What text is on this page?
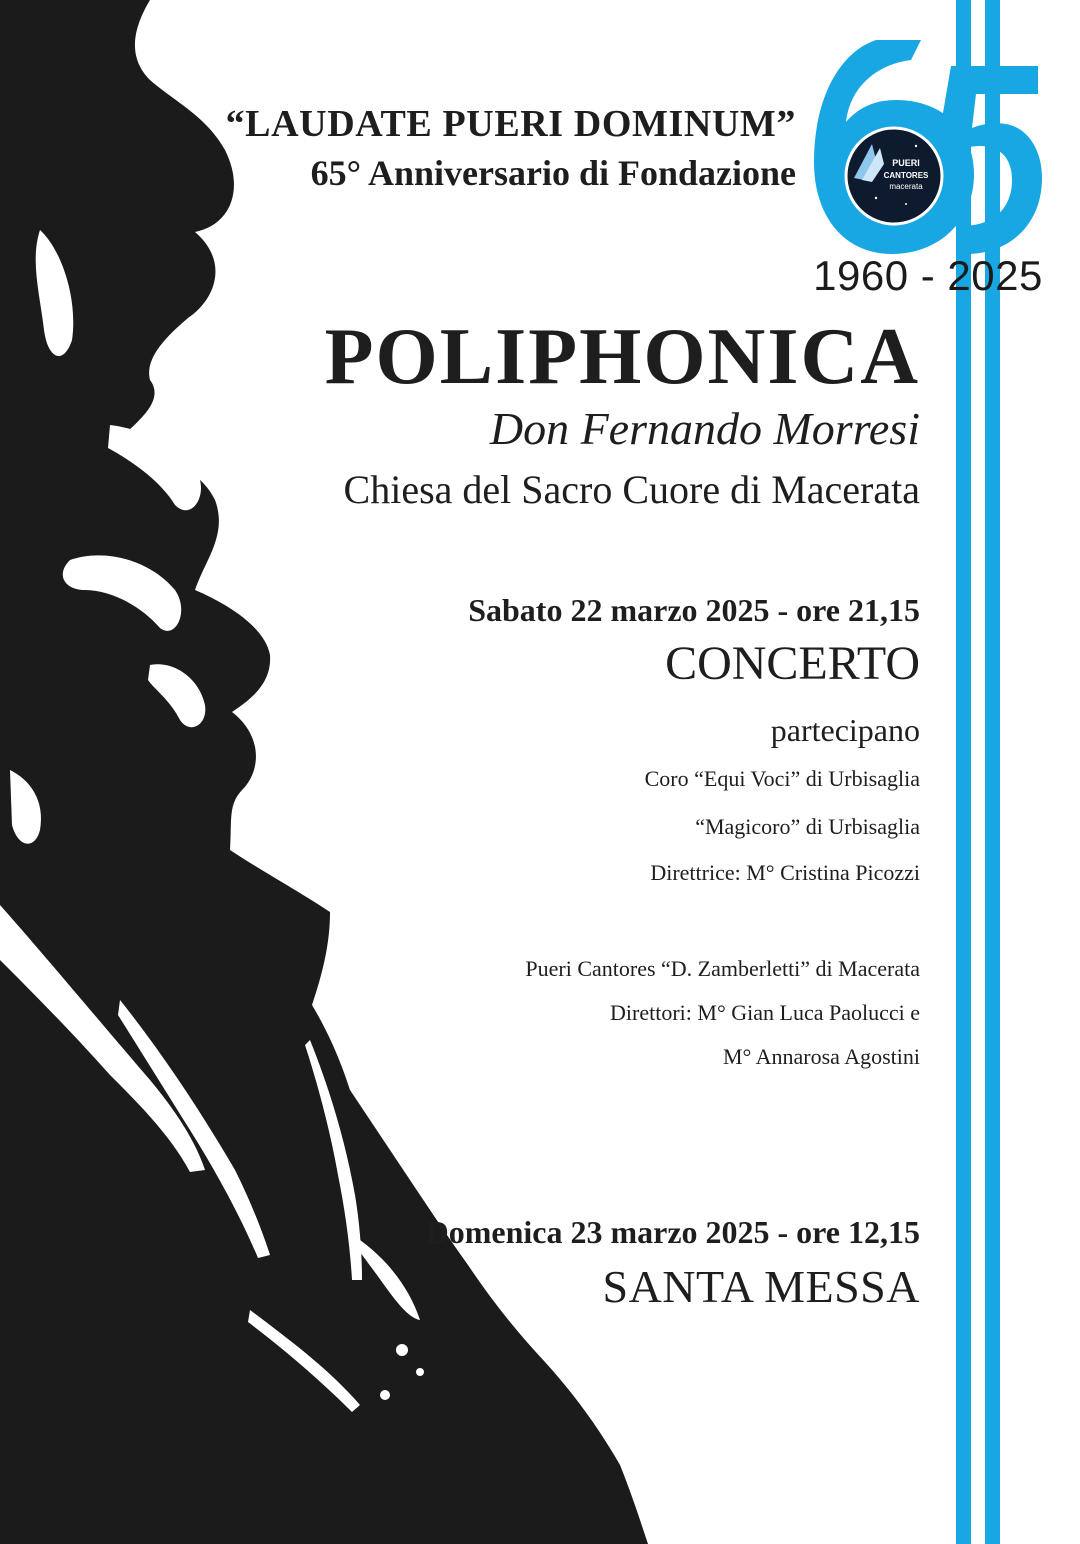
“LAUDATE PUERI DOMINUM”
65° Anniversario di Fondazione	PUERI
CANTORES
macerata
1960 - 2025
POLIPHONICA
Don Fernando Morresi
Chiesa del Sacro Cuore di Macerata
Sabato 22 marzo 2025 - ore 21,15
CONCERTO
partecipano
Coro “Equi Voci” di Urbisaglia
“Magicoro” di Urbisaglia
Direttrice: M° Cristina Picozzi
Pueri Cantores “D. Zamberletti” di Macerata
Direttori: M° Gian Luca Paolucci e
M° Annarosa Agostini
Domenica 23 marzo 2025 - ore 12,15
SANTA MESSA
